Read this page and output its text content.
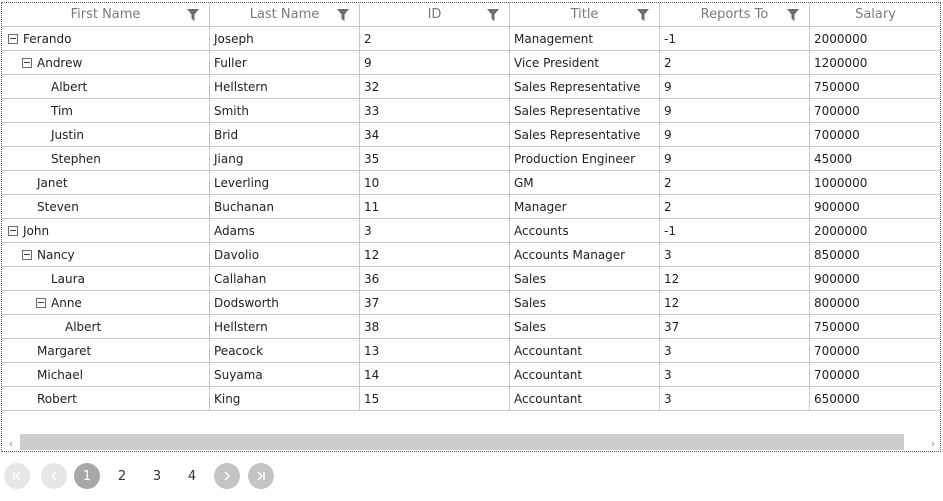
First Name	Last Name	ID	Title	Reports To	Salary
Ferando	Joseph	2	Management	-1	2000000
Andrew	Fuller	9	Vice President	2	1200000
Albert	Hellstern	32	Sales Representative 9	750000
Tim	Smith	33	Sales Representative 9	700000
Justin	Brid	34	Sales Representative 9	700000
Stephen	Jiang	35	Production Engineer 9	45000
Janet	Leverling	10	GM	2	1000000
Steven	Buchanan	11	Manager	2	900000
John	Adams	3	Accounts	-1	2000000
Nancy	Davolio	12	Accounts Manager	3	850000
Laura	Callahan	36	Sales	12	900000
Anne	Dodsworth	37	Sales	12	800000
Albert	Hellstern	38	Sales	37	750000
Margaret	Peacock	13	Accountant	3	700000
Michael	Suyama	14	Accountant	3	700000
Robert	King	15	Accountant	3	650000
‹	›
1	2	3	4
